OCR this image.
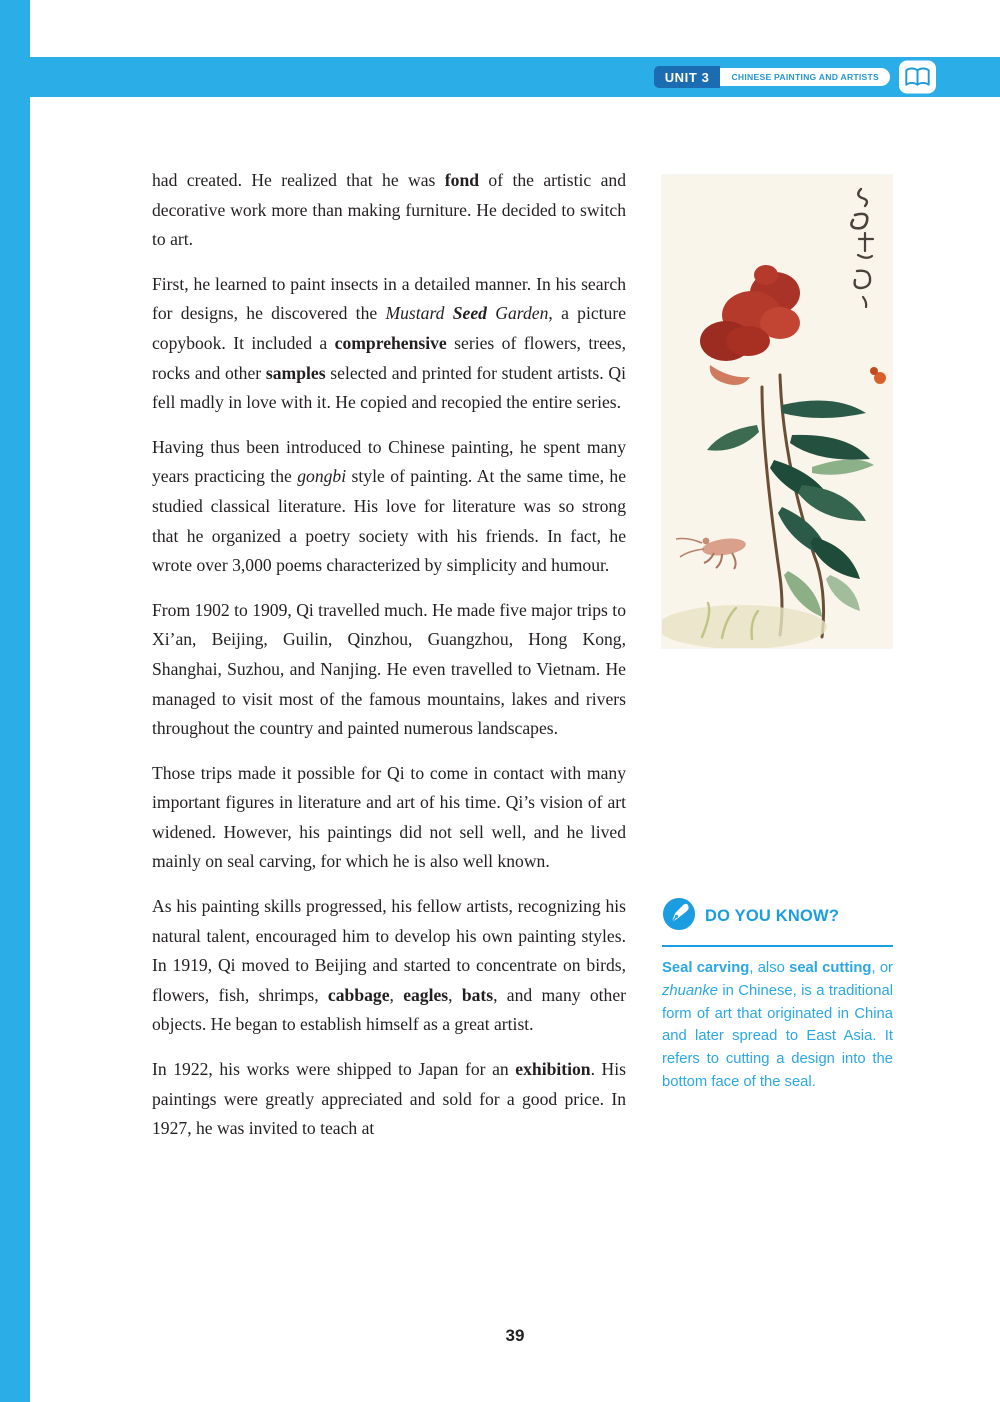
UNIT 3	CHINESE PAINTING AND ARTISTS

had created. He realized that he was fond of the artistic and decorative work more than making furniture. He decided to switch to art.

First, he learned to paint insects in a detailed manner. In his search for designs, he discovered the Mustard Seed Garden, a picture copybook. It included a comprehensive series of flowers, trees, rocks and other samples selected and printed for student artists. Qi fell madly in love with it. He copied and recopied the entire series.

Having thus been introduced to Chinese painting, he spent many years practicing the gongbi style of painting. At the same time, he studied classical literature. His love for literature was so strong that he organized a poetry society with his friends. In fact, he wrote over 3,000 poems characterized by simplicity and humour.

From 1902 to 1909, Qi travelled much. He made five major trips to Xi’an, Beijing, Guilin, Qinzhou, Guangzhou, Hong Kong, Shanghai, Suzhou, and Nanjing. He even travelled to Vietnam. He managed to visit most of the famous mountains, lakes and rivers throughout the country and painted numerous landscapes.

Those trips made it possible for Qi to come in contact with many important figures in literature and art of his time. Qi’s vision of art widened. However, his paintings did not sell well, and he lived mainly on seal carving, for which he is also well known.

As his painting skills progressed, his fellow artists, recognizing his natural talent, encouraged him to develop his own painting styles. In 1919, Qi moved to Beijing and started to concentrate on birds, flowers, fish, shrimps, cabbage, eagles, bats, and many other objects. He began to establish himself as a great artist.

In 1922, his works were shipped to Japan for an exhibition. His paintings were greatly appreciated and sold for a good price. In 1927, he was invited to teach at

DO YOU KNOW?
Seal carving, also seal cutting, or zhuanke in Chinese, is a traditional form of art that originated in China and later spread to East Asia. It refers to cutting a design into the bottom face of the seal.
39
